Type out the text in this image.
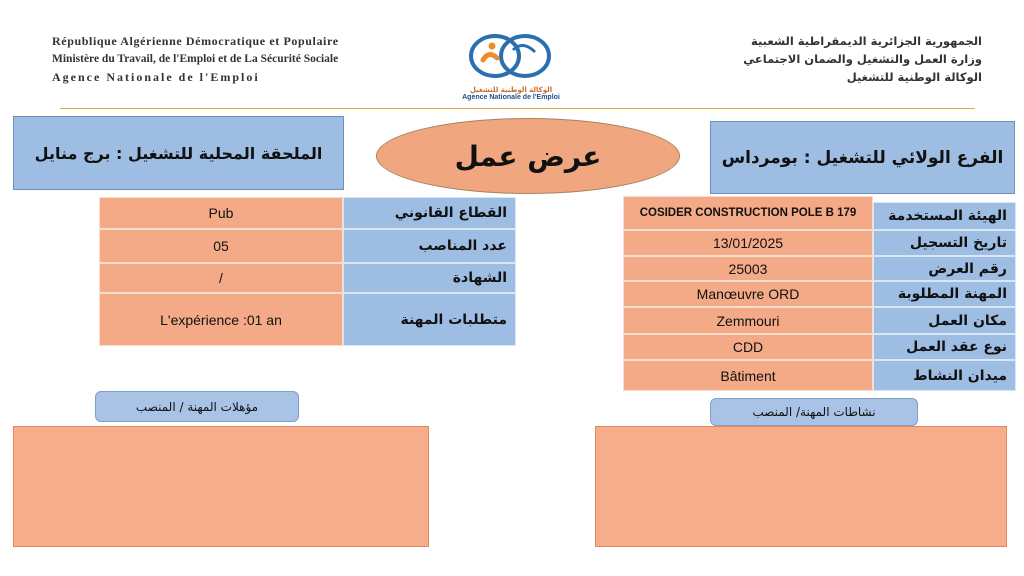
République Algérienne Démocratique et Populaire
Ministère du Travail, de l'Emploi et de La Sécurité Sociale
Agence Nationale de l'Emploi
الوكالة الوطنية للتشغيل
Agence Nationale de l'Emploi
الجمهورية الجزائرية الديمقراطية الشعبية
وزارة العمل والتشغيل والضمان الاجتماعي
الوكالة الوطنية للتشغيل
الملحقة المحلية للتشغيل : برج منايل	عرض عمل	الفرع الولائي للتشغيل : بومرداس
Pub	القطاع القانوني
05	عدد المناصب
/	الشهادة
L'expérience :01 an	متطلبات المهنة
COSIDER CONSTRUCTION POLE B 179	الهيئة المستخدمة
13/01/2025	تاريخ التسجيل
25003	رقم العرض
Manœuvre ORD	المهنة المطلوبة
Zemmouri	مكان العمل
CDD	نوع عقد العمل
Bâtiment	ميدان النشاط
مؤهلات المهنة / المنصب	نشاطات المهنة/ المنصب
